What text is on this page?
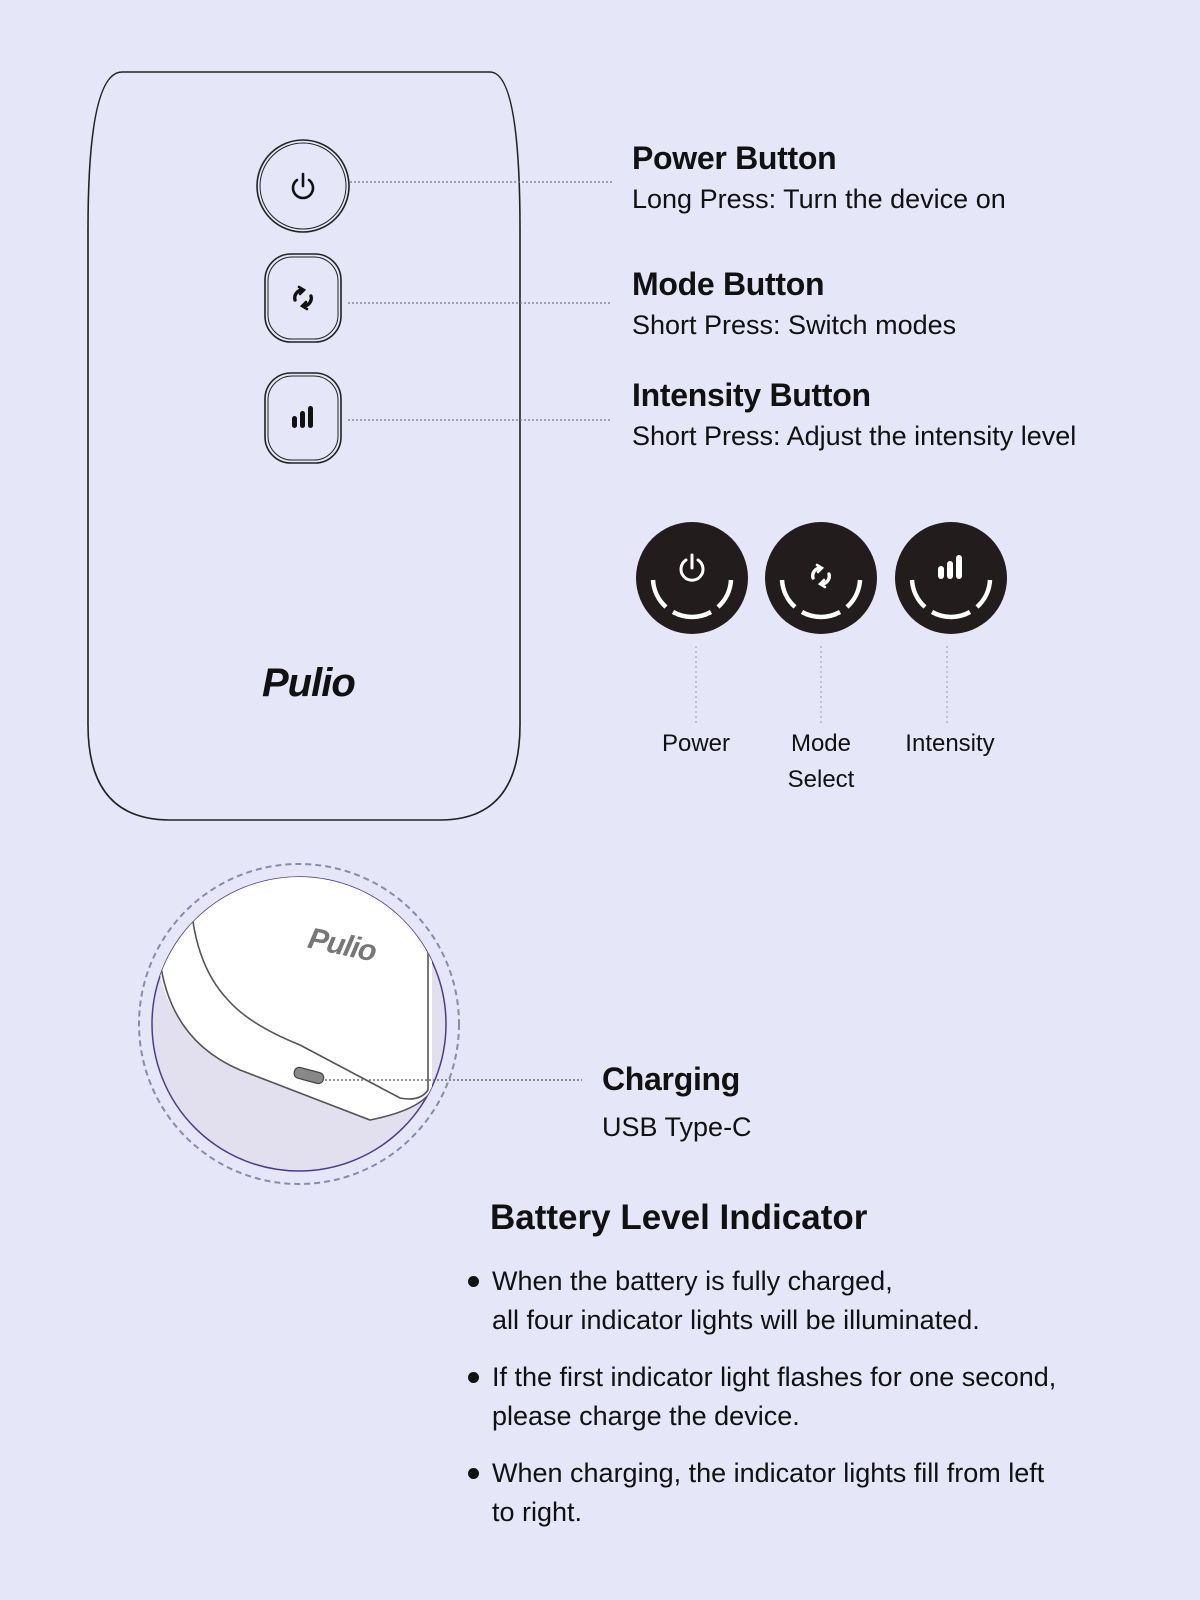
Pulio
Pulio
Power Button
Long Press: Turn the device on
Mode Button
Short Press: Switch modes
Intensity Button
Short Press: Adjust the intensity level
Power	Mode
Select
Intensity
Charging
USB Type-C
Battery Level Indicator
When the battery is fully charged,
all four indicator lights will be illuminated.
If the first indicator light flashes for one second,
please charge the device.
When charging, the indicator lights fill from left
to right.
